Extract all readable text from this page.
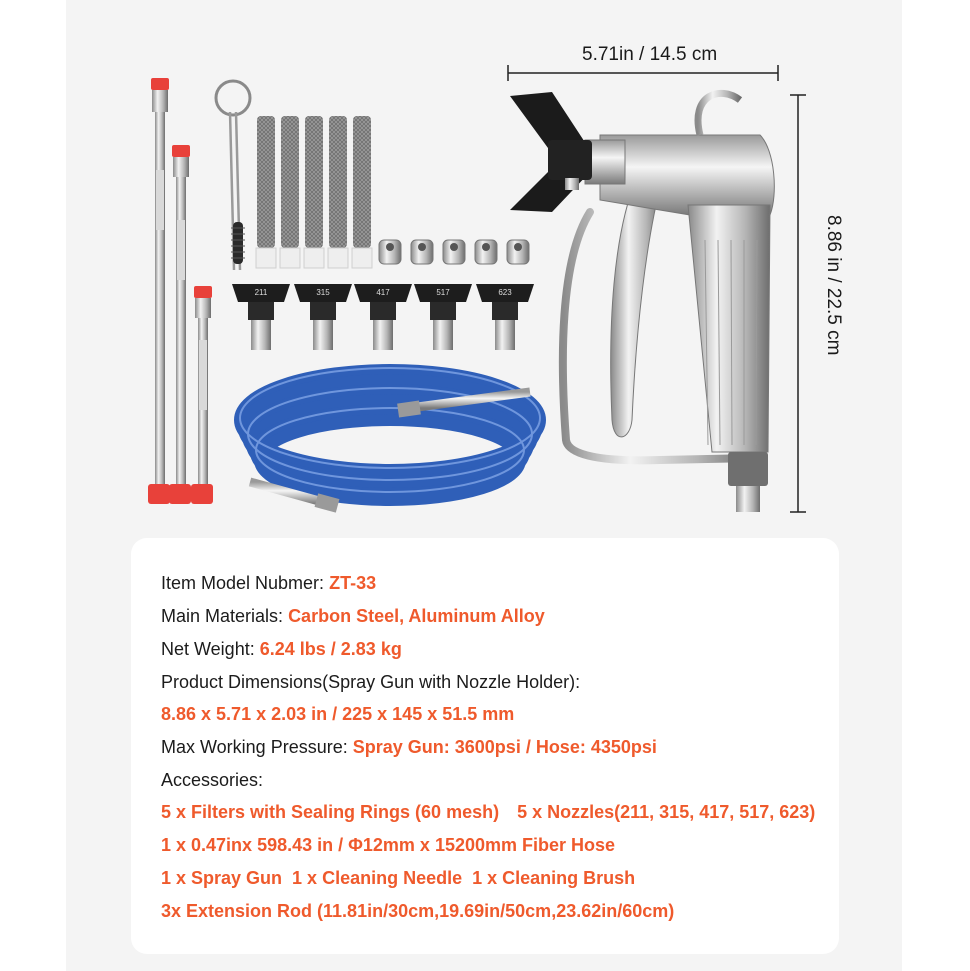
211	315	417	517	623
5.71in / 14.5 cm
8.86 in / 22.5 cm
Item Model Nubmer: ZT-33
Main Materials: Carbon Steel, Aluminum Alloy
Net Weight: 6.24 lbs / 2.83 kg
Product Dimensions(Spray Gun with Nozzle Holder):
8.86 x 5.71 x 2.03 in / 225 x 145 x 51.5 mm
Max Working Pressure: Spray Gun: 3600psi / Hose: 4350psi
Accessories:
5 x Filters with Sealing Rings (60 mesh) 5 x Nozzles(211, 315, 417, 517, 623)
1 x 0.47inx 598.43 in / Φ12mm x 15200mm Fiber Hose
1 x Spray Gun 1 x Cleaning Needle 1 x Cleaning Brush
3x Extension Rod (11.81in/30cm,19.69in/50cm,23.62in/60cm)
